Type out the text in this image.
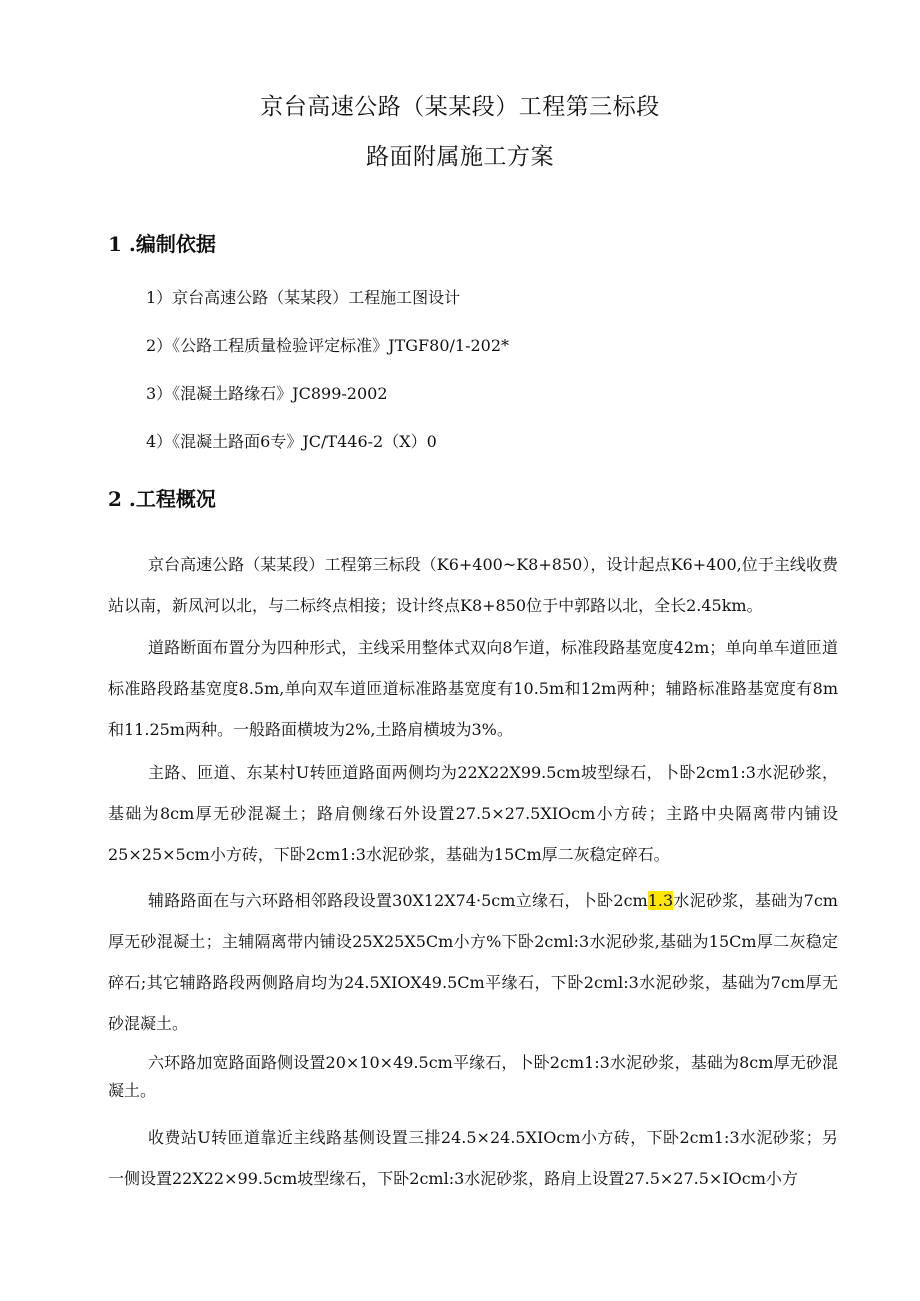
京台高速公路（某某段）工程第三标段
路面附属施工方案
1 .编制依据
1）京台高速公路（某某段）工程施工图设计
2）《公路工程质量检验评定标准》JTGF80/1-202*
3）《混凝土路缘石》JC899-2002
4）《混凝土路面6专》JC/T446-2（X）0
2 .工程概况

京台高速公路（某某段）工程第三标段（K6+400~K8+850），设计起点K6+400,位于主线收费站以南，新凤河以北，与二标终点相接；设计终点K8+850位于中郭路以北，全长2.45km。

道路断面布置分为四种形式，主线采用整体式双向8乍道，标准段路基宽度42m；单向单车道匝道标准路段路基宽度8.5m,单向双车道匝道标准路基宽度有10.5m和12m两种；辅路标准路基宽度有8m和11.25m两种。一般路面横坡为2%,土路肩横坡为3%。

主路、匝道、东某村U转匝道路面两侧均为22X22X99.5cm坡型绿石，卜卧2cm1:3水泥砂浆，基础为8cm厚无砂混凝土；路肩侧缘石外设置27.5×27.5XIOcm小方砖；主路中央隔离带内铺设25×25×5cm小方砖，下卧2cm1:3水泥砂浆，基础为15Cm厚二灰稳定碎石。

辅路路面在与六环路相邻路段设置30X12X74·5cm立缘石，卜卧2cm1.3水泥砂浆，基础为7cm厚无砂混凝土；主辅隔离带内铺设25X25X5Cm小方%下卧2cml:3水泥砂浆,基础为15Cm厚二灰稳定碎石;其它辅路路段两侧路肩均为24.5XIOX49.5Cm平缘石，下卧2cml:3水泥砂浆，基础为7cm厚无砂混凝土。

六环路加宽路面路侧设置20×10×49.5cm平缘石，卜卧2cm1:3水泥砂浆，基础为8cm厚无砂混凝土。

收费站U转匝道靠近主线路基侧设置三排24.5×24.5XIOcm小方砖，下卧2cm1:3水泥砂浆；另一侧设置22X22×99.5cm坡型缘石，下卧2cml:3水泥砂浆，路肩上设置27.5×27.5×IOcm小方
